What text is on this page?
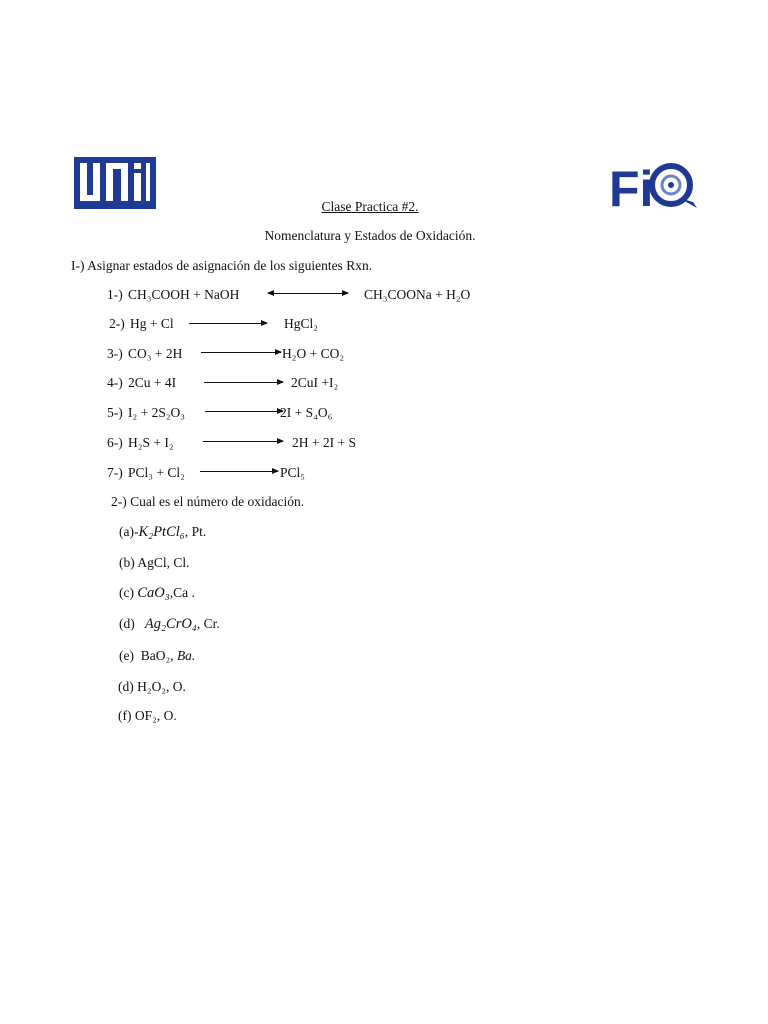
Fi
Clase Practica #2.
Nomenclatura y Estados de Oxidación.
I-) Asignar estados de asignación de los siguientes Rxn.
1-) CH₃COOH + NaOH	CH₃COONa + H₂O
2-) Hg + Cl	HgCl₂
3-) CO₃ + 2H	H₂O + CO₂
4-) 2Cu + 4I	2CuI +I₂
5-) I₂ + 2S₂O₃	2I + S₄O₆
6-) H₂S + I₂	2H + 2I + S
7-) PCl₃ + Cl₂	PCl₅
2-) Cual es el número de oxidación.
(a)-K₂PtCl₆, Pt.
(b) AgCl, Cl.
(c) CaO₃,Ca .
(d) Ag₂CrO₄, Cr.
(e) BaO₂, Ba.
(d) H₂O₂, O.
(f) OF₂, O.
